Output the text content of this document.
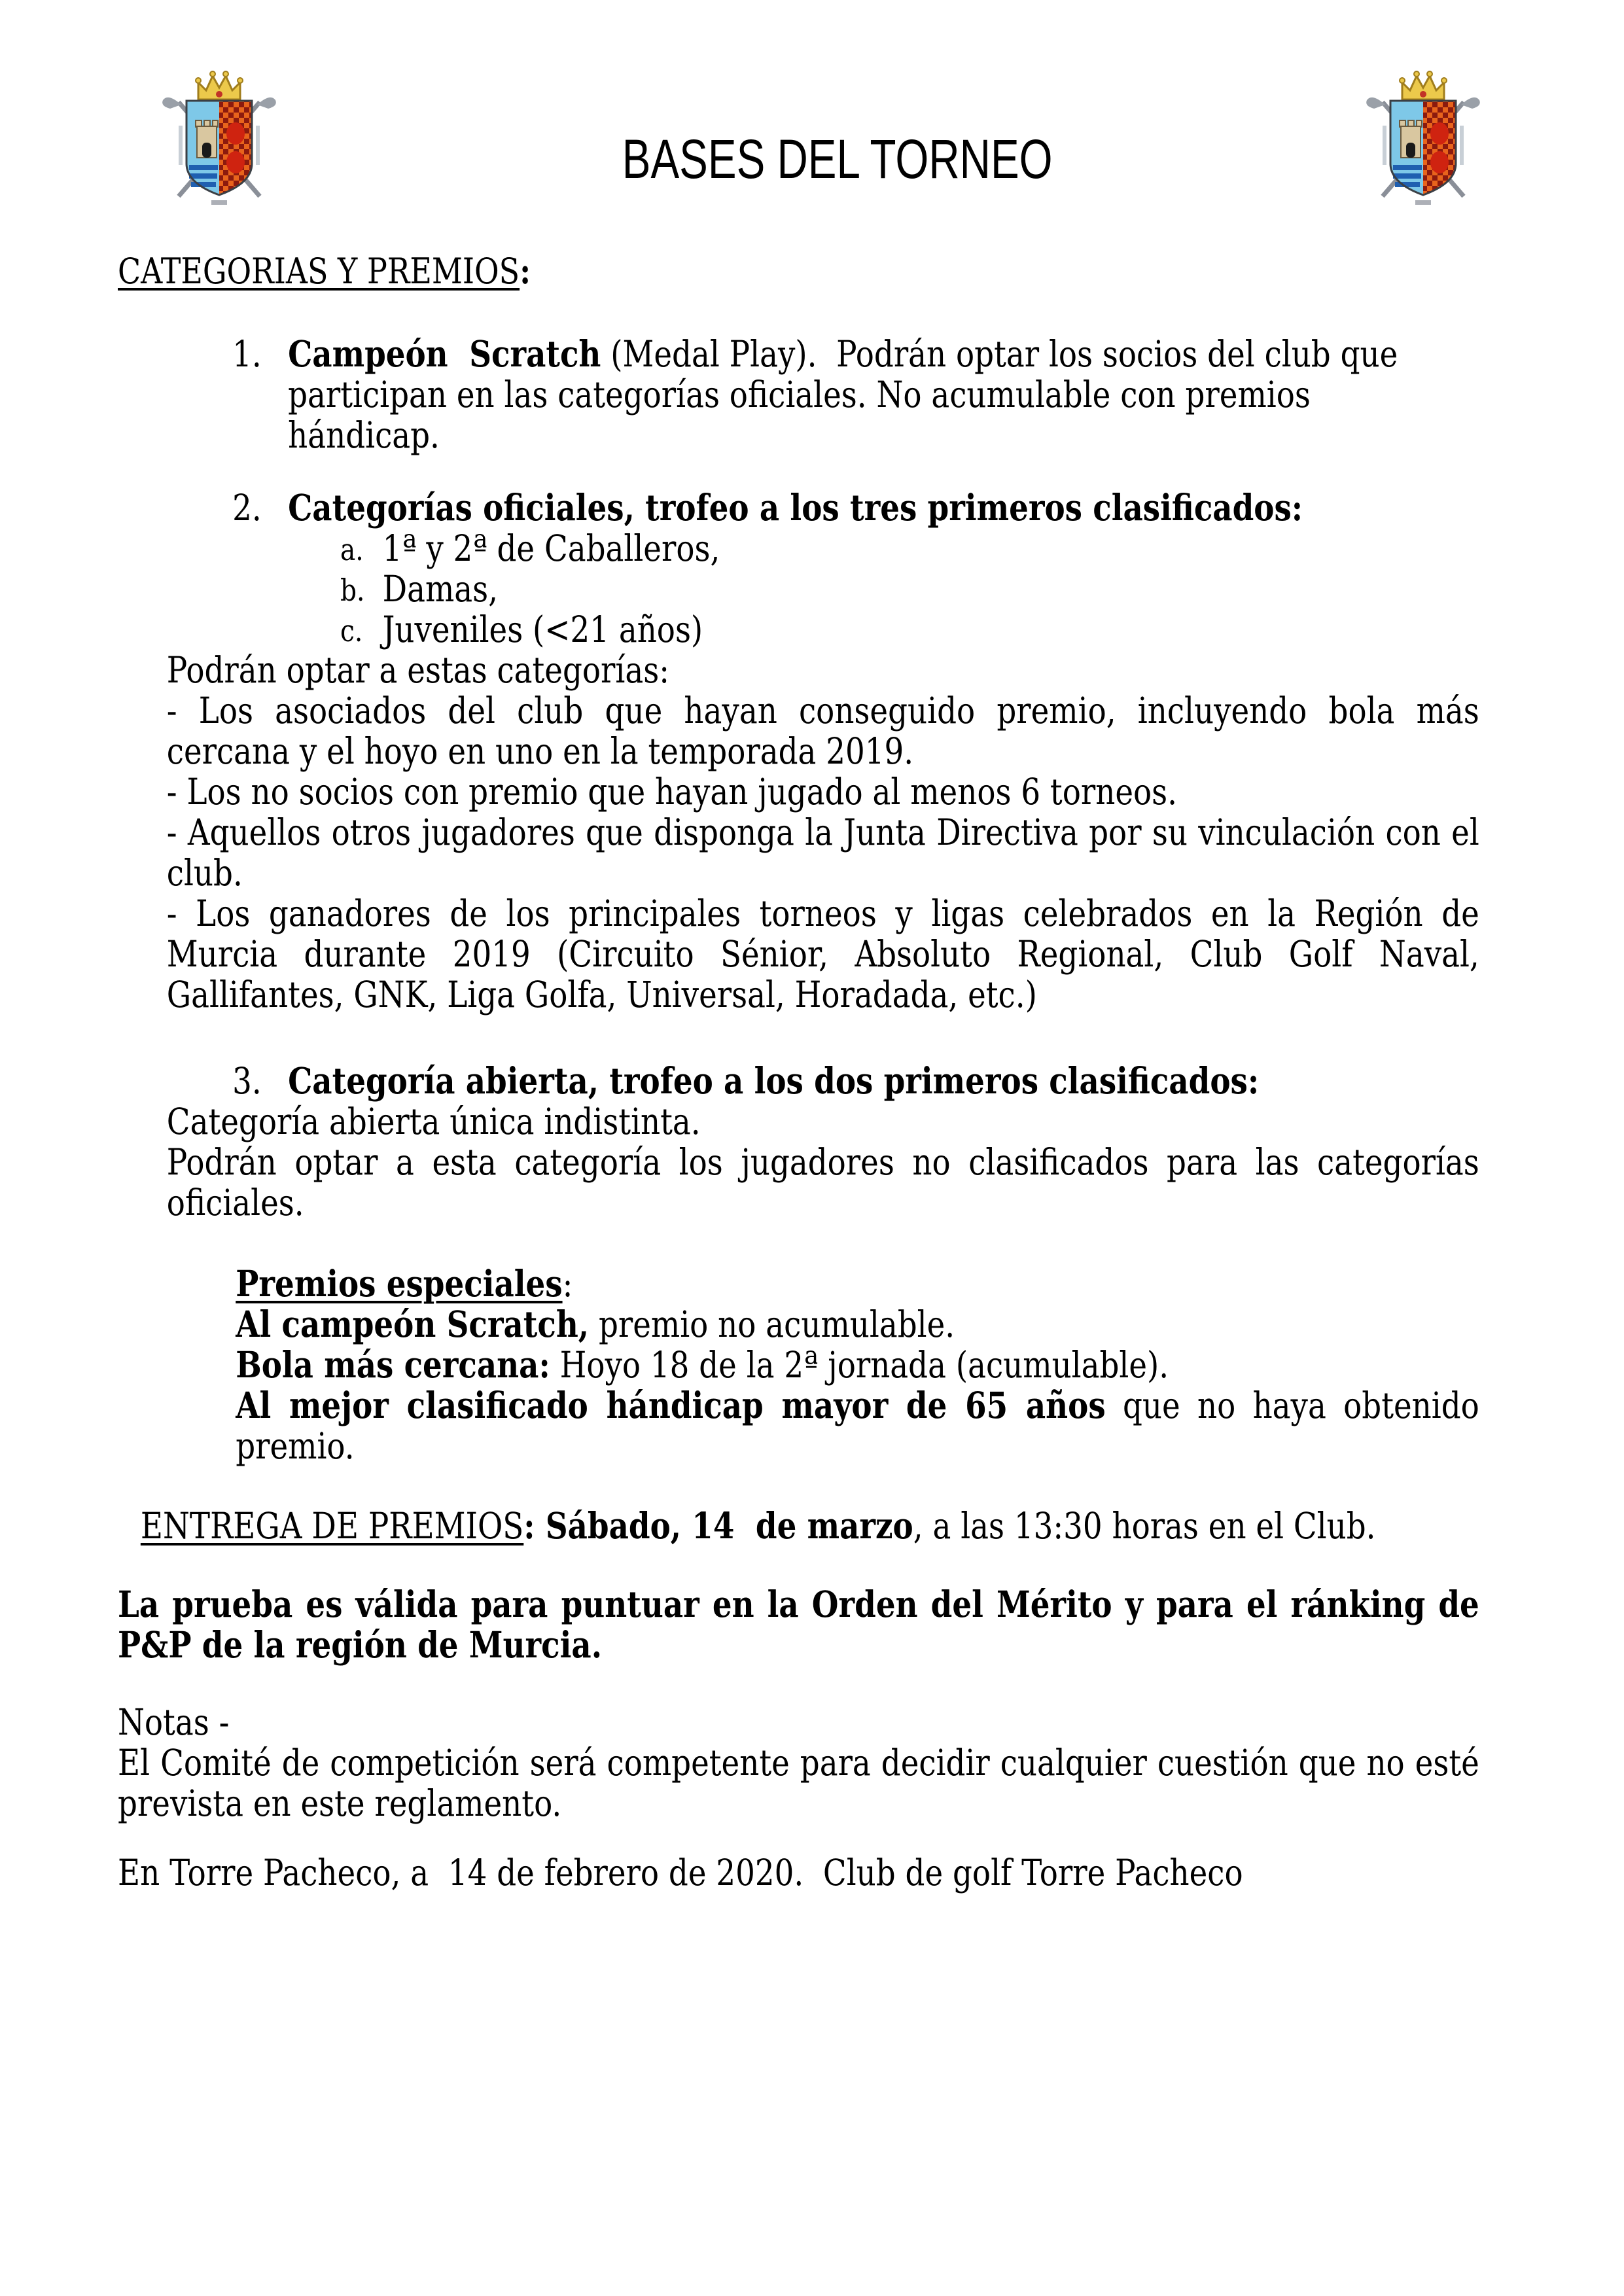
BASES DEL TORNEO
CATEGORIAS Y PREMIOS:
1. Campeón  Scratch (Medal Play).  Podrán optar los socios del club que participan en las categorías oficiales. No acumulable con premios hándicap.
2. Categorías oficiales, trofeo a los tres primeros clasificados:
a. 1ª y 2ª de Caballeros,
b. Damas,
c. Juveniles (<21 años)

Podrán optar a estas categorías:

- Los asociados del club que hayan conseguido premio, incluyendo bola más cercana y el hoyo en uno en la temporada 2019.

- Los no socios con premio que hayan jugado al menos 6 torneos.

- Aquellos otros jugadores que disponga la Junta Directiva por su vinculación con el club.

- Los ganadores de los principales torneos y ligas celebrados en la Región de Murcia durante 2019 (Circuito Sénior, Absoluto Regional, Club Golf Naval, Gallifantes, GNK, Liga Golfa, Universal, Horadada, etc.)

3. Categoría abierta, trofeo a los dos primeros clasificados:

Categoría abierta única indistinta.

Podrán optar a esta categoría los jugadores no clasificados para las categorías oficiales.

Premios especiales:

Al campeón Scratch, premio no acumulable.

Bola más cercana: Hoyo 18 de la 2ª jornada (acumulable).

Al mejor clasificado hándicap mayor de 65 años que no haya obtenido premio.

ENTREGA DE PREMIOS: Sábado, 14  de marzo, a las 13:30 horas en el Club.

La prueba es válida para puntuar en la Orden del Mérito y para el ránking de P&P de la región de Murcia.

Notas -

El Comité de competición será competente para decidir cualquier cuestión que no esté prevista en este reglamento.

En Torre Pacheco, a  14 de febrero de 2020.  Club de golf Torre Pacheco
